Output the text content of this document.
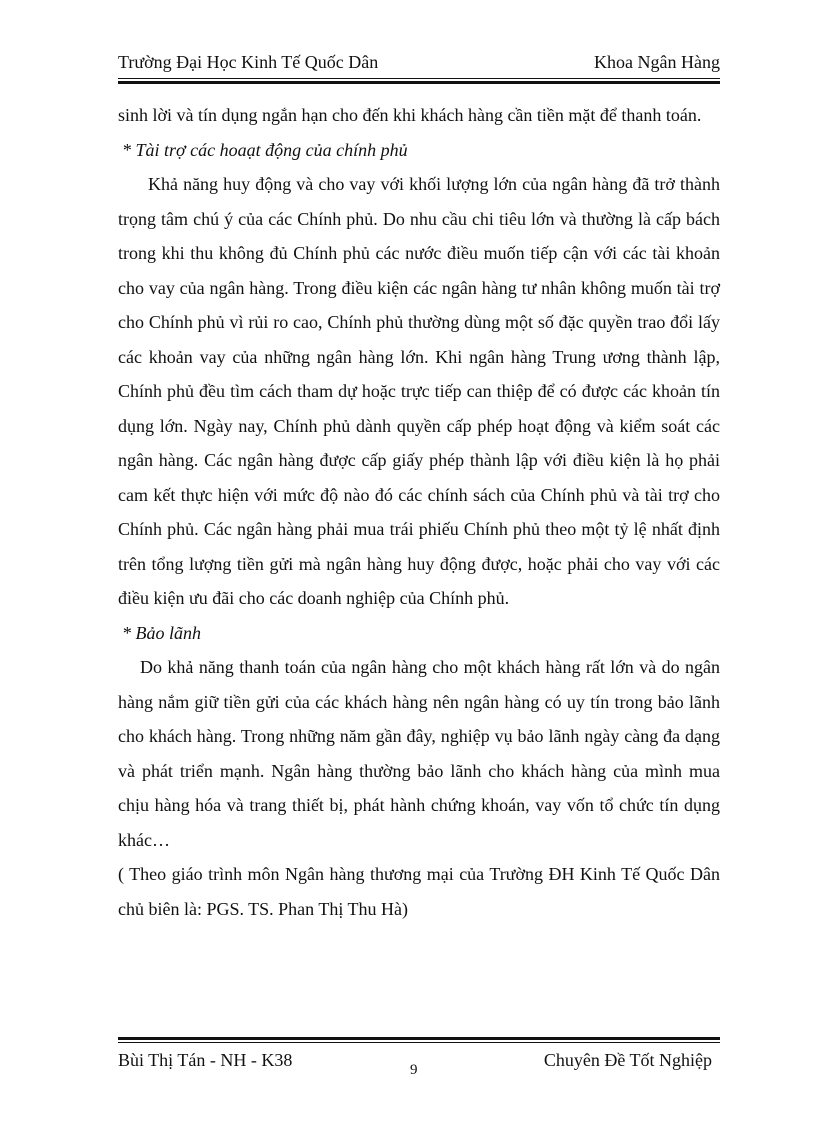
Trường Đại Học Kinh Tế Quốc Dân	Khoa Ngân Hàng

sinh lời và tín dụng ngắn hạn cho đến khi khách hàng cần tiền mặt để thanh toán.

* Tài trợ các hoaạt động của chính phủ

Khả năng huy động và cho vay với khối lượng lớn của ngân hàng đã trở thành trọng tâm chú ý của các Chính phủ. Do nhu cầu chi tiêu lớn và thường là cấp bách trong khi thu không đủ Chính phủ các nước điều muốn tiếp cận với các tài khoản cho vay của ngân hàng. Trong điều kiện các ngân hàng tư nhân không muốn tài trợ cho Chính phủ vì rủi ro cao, Chính phủ thường dùng một số đặc quyền trao đổi lấy các khoản vay của những ngân hàng lớn. Khi ngân hàng Trung ương thành lập, Chính phủ đều tìm cách tham dự hoặc trực tiếp can thiệp để có được các khoản tín dụng lớn. Ngày nay, Chính phủ dành quyền cấp phép hoạt động và kiểm soát các ngân hàng. Các ngân hàng được cấp giấy phép thành lập với điều kiện là họ phải cam kết thực hiện với mức độ nào đó các chính sách của Chính phủ và tài trợ cho Chính phủ. Các ngân hàng phải mua trái phiếu Chính phủ theo một tỷ lệ nhất định trên tổng lượng tiền gửi mà ngân hàng huy động được, hoặc phải cho vay với các điều kiện ưu đãi cho các doanh nghiệp của Chính phủ.

* Bảo lãnh

Do khả năng thanh toán của ngân hàng cho một khách hàng rất lớn và do ngân hàng nắm giữ tiền gửi của các khách hàng nên ngân hàng có uy tín trong bảo lãnh cho khách hàng. Trong những năm gần đây, nghiệp vụ bảo lãnh ngày càng đa dạng và phát triển mạnh. Ngân hàng thường bảo lãnh cho khách hàng của mình mua chịu hàng hóa và trang thiết bị, phát hành chứng khoán, vay vốn tổ chức tín dụng khác…

( Theo giáo trình môn Ngân hàng thương mại của Trường ĐH Kinh Tế Quốc Dân chủ biên là: PGS. TS. Phan Thị Thu Hà)

Bùi Thị Tán - NH - K38	9	Chuyên Đề Tốt Nghiệp
